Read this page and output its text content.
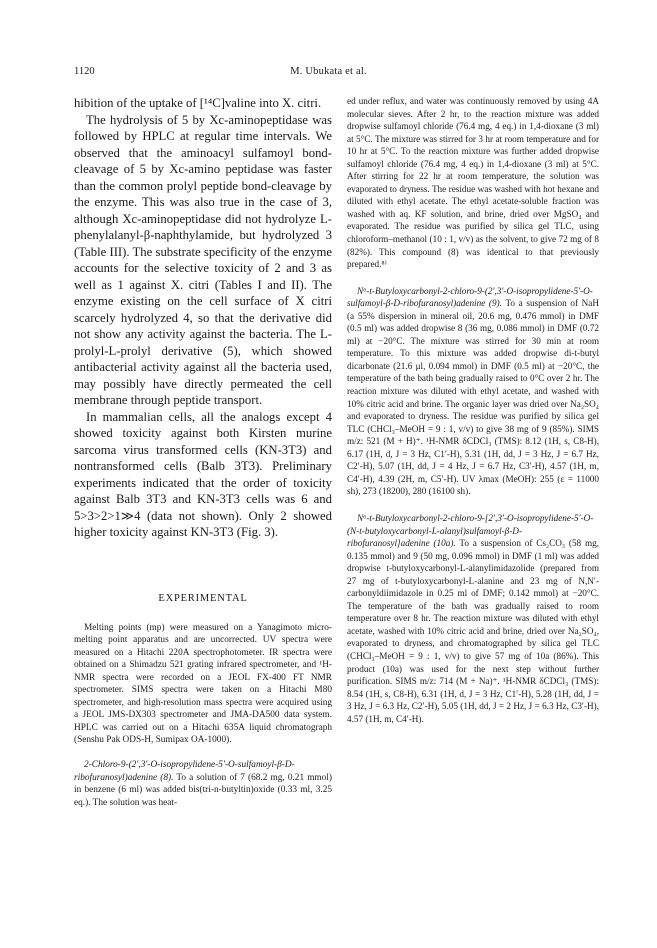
1120	M. Ubukata et al.

hibition of the uptake of [¹⁴C]valine into X. citri.

The hydrolysis of 5 by Xc-aminopeptidase was followed by HPLC at regular time intervals. We observed that the aminoacyl sulfamoyl bond-cleavage of 5 by Xc-amino peptidase was faster than the common prolyl peptide bond-cleavage by the enzyme. This was also true in the case of 3, although Xc-aminopeptidase did not hydrolyze L-phenylalanyl-β-naphthylamide, but hydrolyzed 3 (Table III). The substrate specificity of the enzyme accounts for the selective toxicity of 2 and 3 as well as 1 against X. citri (Tables I and II). The enzyme existing on the cell surface of X citri scarcely hydrolyzed 4, so that the derivative did not show any activity against the bacteria. The L-prolyl-L-prolyl derivative (5), which showed antibacterial activity against all the bacteria used, may possibly have directly permeated the cell membrane through peptide transport.

In mammalian cells, all the analogs except 4 showed toxicity against both Kirsten murine sarcoma virus transformed cells (KN-3T3) and nontransformed cells (Balb 3T3). Preliminary experiments indicated that the order of toxicity against Balb 3T3 and KN-3T3 cells was 6 and 5>3>2>1≫4 (data not shown). Only 2 showed higher toxicity against KN-3T3 (Fig. 3).

EXPERIMENTAL

Melting points (mp) were measured on a Yanagimoto micro-melting point apparatus and are uncorrected. UV spectra were measured on a Hitachi 220A spectrophotometer. IR spectra were obtained on a Shimadzu 521 grating infrared spectrometer, and ¹H-NMR spectra were recorded on a JEOL FX-400 FT NMR spectrometer. SIMS spectra were taken on a Hitachi M80 spectrometer, and high-resolution mass spectra were acquired using a JEOL JMS-DX303 spectrometer and JMA-DA500 data system. HPLC was carried out on a Hitachi 635A liquid chromatograph (Senshu Pak ODS-H, Sumipax OA-1000).

2-Chloro-9-(2′,3′-O-isopropylidene-5′-O-sulfamoyl-β-D-ribofuranosyl)adenine (8). To a solution of 7 (68.2 mg, 0.21 mmol) in benzene (6 ml) was added bis(tri-n-butyltin)oxide (0.33 ml, 3.25 eq.). The solution was heat-

ed under reflux, and water was continuously removed by using 4A molecular sieves. After 2 hr, to the reaction mixture was added dropwise sulfamoyl chloride (76.4 mg, 4 eq.) in 1,4-dioxane (3 ml) at 5°C. The mixture was stirred for 3 hr at room temperature and for 10 hr at 5°C. To the reaction mixture was further added dropwise sulfamoyl chloride (76.4 mg, 4 eq.) in 1,4-dioxane (3 ml) at 5°C. After stirring for 22 hr at room temperature, the solution was evaporated to dryness. The residue was washed with hot hexane and diluted with ethyl acetate. The ethyl acetate-soluble fraction was washed with aq. KF solution, and brine, dried over MgSO₄ and evaporated. The residue was purified by silica gel TLC, using chloroform–methanol (10 : 1, v/v) as the solvent, to give 72 mg of 8 (82%). This compound (8) was identical to that previously prepared.⁸⁾

N⁶-t-Butyloxycarbonyl-2-chloro-9-(2′,3′-O-isopropylidene-5′-O-sulfamoyl-β-D-ribofuranosyl)adenine (9). To a suspension of NaH (a 55% dispersion in mineral oil, 20.6 mg, 0.476 mmol) in DMF (0.5 ml) was added dropwise 8 (36 mg, 0.086 mmol) in DMF (0.72 ml) at −20°C. The mixture was stirred for 30 min at room temperature. To this mixture was added dropwise di-t-butyl dicarbonate (21.6 μl, 0.094 mmol) in DMF (0.5 ml) at −20°C, the temperature of the bath being gradually raised to 0°C over 2 hr. The reaction mixture was diluted with ethyl acetate, and washed with 10% citric acid and brine. The organic layer was dried over Na₂SO₄ and evaporated to dryness. The residue was purified by silica gel TLC (CHCl₃–MeOH = 9 : 1, v/v) to give 38 mg of 9 (85%). SIMS m/z: 521 (M + H)⁺. ¹H-NMR δCDCl₃ (TMS): 8.12 (1H, s, C8-H), 6.17 (1H, d, J = 3 Hz, C1′-H), 5.31 (1H, dd, J = 3 Hz, J = 6.7 Hz, C2′-H), 5.07 (1H, dd, J = 4 Hz, J = 6.7 Hz, C3′-H), 4.57 (1H, m, C4′-H), 4.39 (2H, m, C5′-H). UV λmax (MeOH): 255 (ε = 11000 sh), 273 (18200), 280 (16100 sh).

N⁶-t-Butyloxycarbonyl-2-chloro-9-[2′,3′-O-isopropylidene-5′-O-(N-t-butyloxycarbonyl-L-alanyl)sulfamoyl-β-D-ribofuranosyl]adenine (10a). To a suspension of Cs₂CO₃ (58 mg, 0.135 mmol) and 9 (50 mg, 0.096 mmol) in DMF (1 ml) was added dropwise t-butyloxycarbonyl-L-alanylimidazolide (prepared from 27 mg of t-butyloxycarbonyl-L-alanine and 23 mg of N,N′-carbonyldiimidazole in 0.25 ml of DMF; 0.142 mmol) at −20°C. The temperature of the bath was gradually raised to room temperature over 8 hr. The reaction mixture was diluted with ethyl acetate, washed with 10% citric acid and brine, dried over Na₂SO₄, evaporated to dryness, and chromatographed by silica gel TLC (CHCl₃–MeOH = 9 : 1, v/v) to give 57 mg of 10a (86%). This product (10a) was used for the next step without further purification. SIMS m/z: 714 (M + Na)⁺. ¹H-NMR δCDCl₃ (TMS): 8.54 (1H, s, C8-H), 6.31 (1H, d, J = 3 Hz, C1′-H), 5.28 (1H, dd, J = 3 Hz, J = 6.3 Hz, C2′-H), 5.05 (1H, dd, J = 2 Hz, J = 6.3 Hz, C3′-H), 4.57 (1H, m, C4′-H).
